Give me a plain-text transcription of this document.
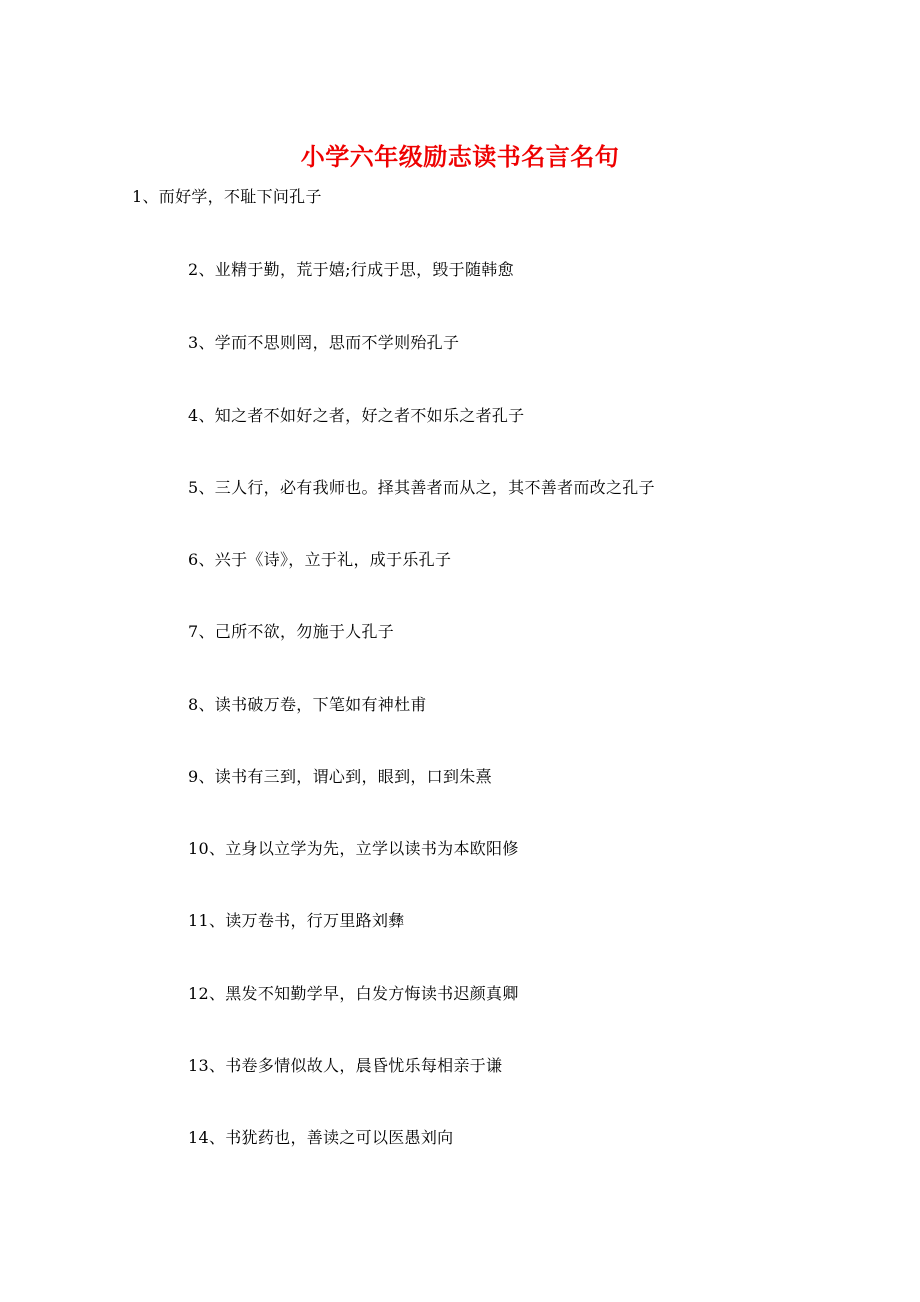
小学六年级励志读书名言名句
1、而好学，不耻下问孔子
2、业精于勤，荒于嬉;行成于思，毁于随韩愈
3、学而不思则罔，思而不学则殆孔子
4、知之者不如好之者，好之者不如乐之者孔子
5、三人行，必有我师也。择其善者而从之，其不善者而改之孔子
6、兴于《诗》，立于礼，成于乐孔子
7、己所不欲，勿施于人孔子
8、读书破万卷，下笔如有神杜甫
9、读书有三到，谓心到，眼到，口到朱熹
10、立身以立学为先，立学以读书为本欧阳修
11、读万卷书，行万里路刘彝
12、黑发不知勤学早，白发方悔读书迟颜真卿
13、书卷多情似故人，晨昏忧乐每相亲于谦
14、书犹药也，善读之可以医愚刘向
